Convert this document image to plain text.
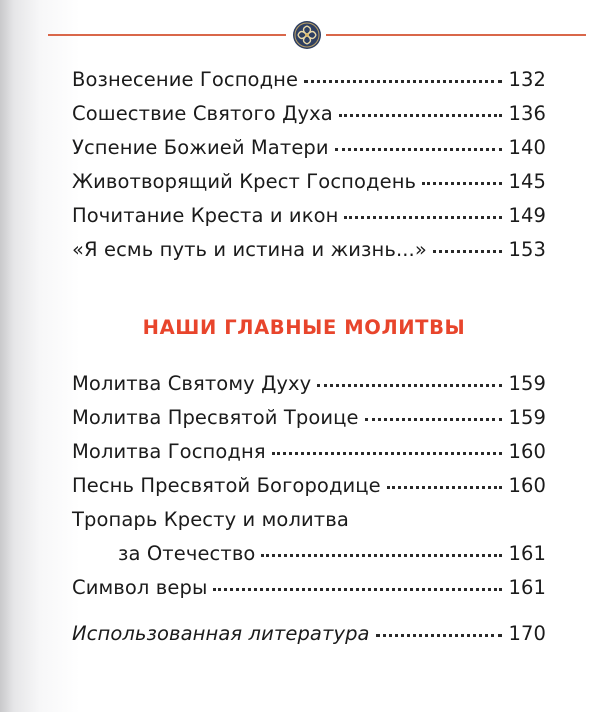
Вознесение Господне	132
Сошествие Святого Духа	136
Успение Божией Матери	140
Животворящий Крест Господень	145
Почитание Креста и икон	149
«Я есмь путь и истина и жизнь...»	153
НАШИ ГЛАВНЫЕ МОЛИТВЫ
Молитва Святому Духу	159
Молитва Пресвятой Троице	159
Молитва Господня	160
Песнь Пресвятой Богородице	160
Тропарь Кресту и молитва
за Отечество	161
Символ веры	161
Использованная литература	170
